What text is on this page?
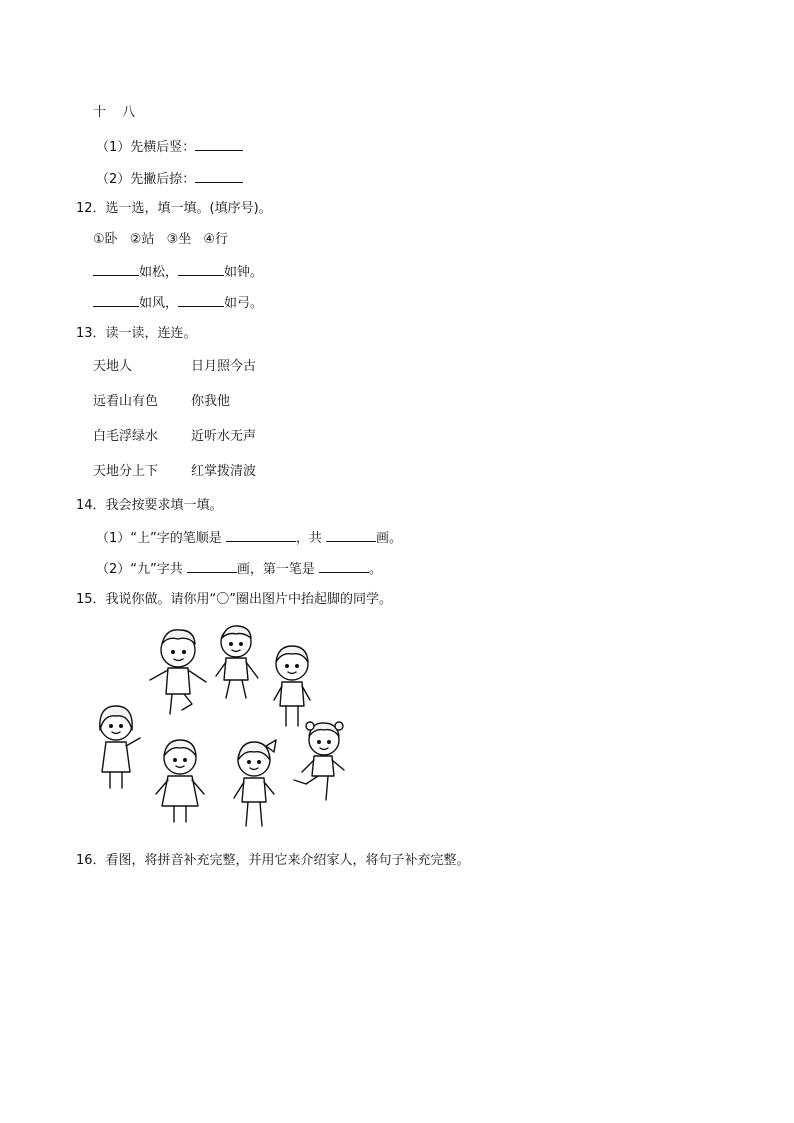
十 八
（1）先横后竖：
（2）先撇后捺：
12．选一选，填一填。(填序号)。
①卧 ②站 ③坐 ④行
如松，	如钟。
如风，	如弓。
13．读一读，连连。
天地人	日月照今古
远看山有色	你我他
白毛浮绿水	近听水无声
天地分上下	红掌拨清波
14．我会按要求填一填。
（1）“上”字的笔顺是	，共	画。
（2）“九”字共	画，第一笔是	。
15．我说你做。请你用“〇”圈出图片中抬起脚的同学。
16．看图，将拼音补充完整，并用它来介绍家人，将句子补充完整。
